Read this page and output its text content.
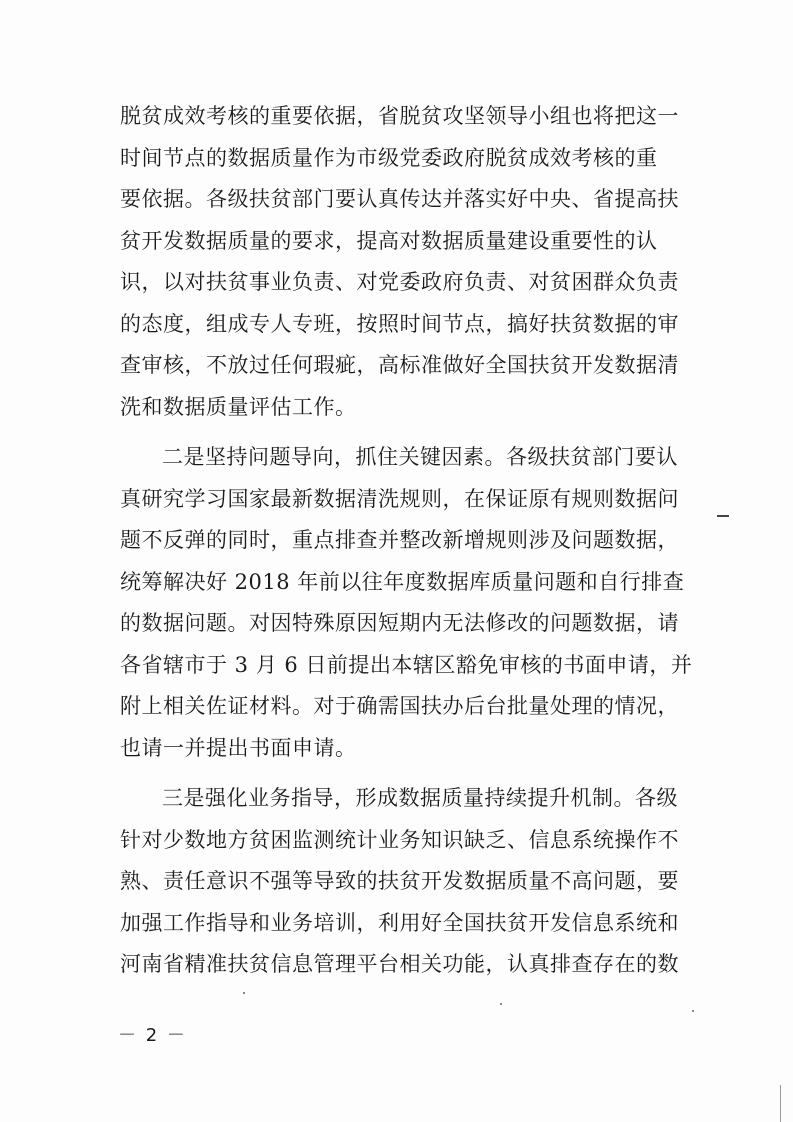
脱贫成效考核的重要依据，省脱贫攻坚领导小组也将把这一
时间节点的数据质量作为市级党委政府脱贫成效考核的重
要依据。各级扶贫部门要认真传达并落实好中央、省提高扶
贫开发数据质量的要求，提高对数据质量建设重要性的认
识，以对扶贫事业负责、对党委政府负责、对贫困群众负责
的态度，组成专人专班，按照时间节点，搞好扶贫数据的审
查审核，不放过任何瑕疵，高标准做好全国扶贫开发数据清
洗和数据质量评估工作。
二是坚持问题导向，抓住关键因素。各级扶贫部门要认
真研究学习国家最新数据清洗规则，在保证原有规则数据问
题不反弹的同时，重点排查并整改新增规则涉及问题数据，
统筹解决好 2018 年前以往年度数据库质量问题和自行排查
的数据问题。对因特殊原因短期内无法修改的问题数据，请
各省辖市于 3 月 6 日前提出本辖区豁免审核的书面申请，并
附上相关佐证材料。对于确需国扶办后台批量处理的情况，
也请一并提出书面申请。
三是强化业务指导，形成数据质量持续提升机制。各级
针对少数地方贫困监测统计业务知识缺乏、信息系统操作不
熟、责任意识不强等导致的扶贫开发数据质量不高问题，要
加强工作指导和业务培训，利用好全国扶贫开发信息系统和
河南省精准扶贫信息管理平台相关功能，认真排查存在的数
－ 2 －
